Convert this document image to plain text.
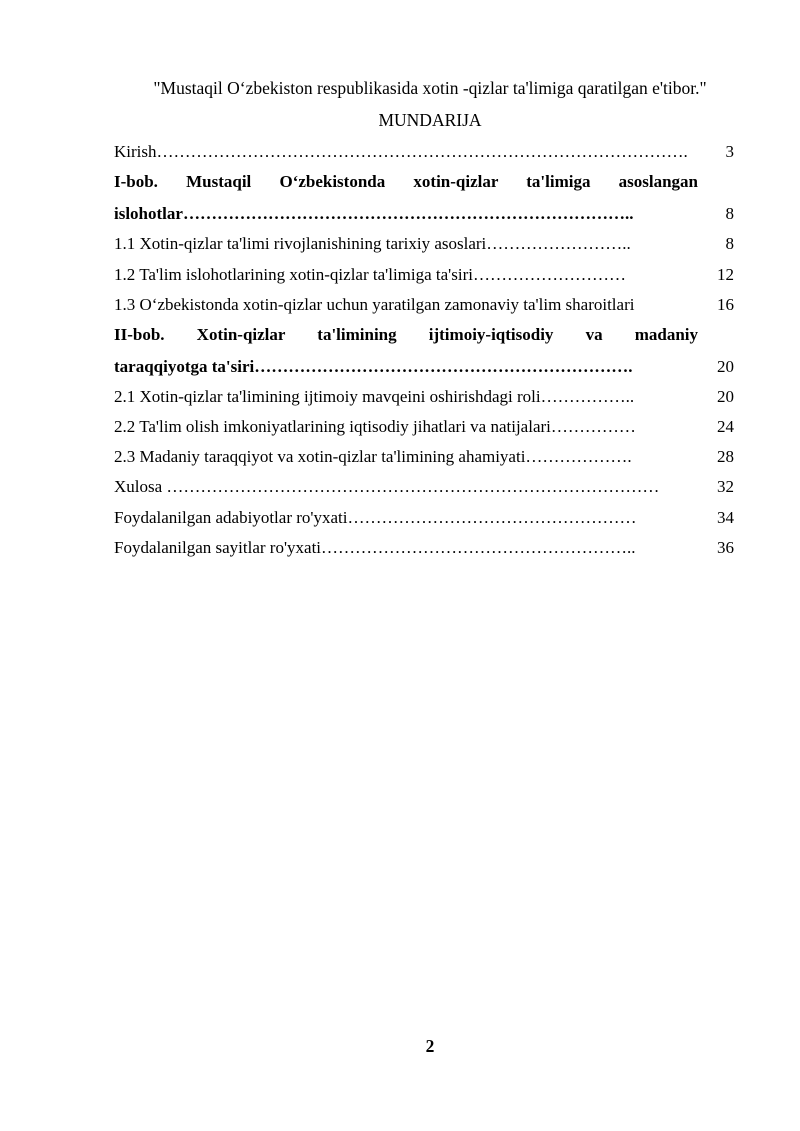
"Mustaqil O‘zbekiston respublikasida xotin -qizlar ta'limiga qaratilgan e'tibor."
MUNDARIJA
Kirish………………………………………………………………………………….	3
I-bob. Mustaqil O‘zbekistonda xotin-qizlar ta'limiga asoslangan
islohotlar……………………………………………………………………..	8
1.1 Xotin-qizlar ta'limi rivojlanishining tarixiy asoslari……………………..	8
1.2 Ta'lim islohotlarining xotin-qizlar ta'limiga ta'siri………………………	12
1.3 O‘zbekistonda xotin-qizlar uchun yaratilgan zamonaviy ta'lim sharoitlari	16
II-bob. Xotin-qizlar ta'limining ijtimoiy-iqtisodiy va madaniy
taraqqiyotga ta'siri………………………………………………………….	20
2.1 Xotin-qizlar ta'limining ijtimoiy mavqeini oshirishdagi roli……………..	20
2.2 Ta'lim olish imkoniyatlarining iqtisodiy jihatlari va natijalari……………	24
2.3 Madaniy taraqqiyot va xotin-qizlar ta'limining ahamiyati……………….	28
Xulosa ……………………………………………………………………………	32
Foydalanilgan adabiyotlar ro'yxati……………………………………………	34
Foydalanilgan sayitlar ro'yxati………………………………………………..	36
2
